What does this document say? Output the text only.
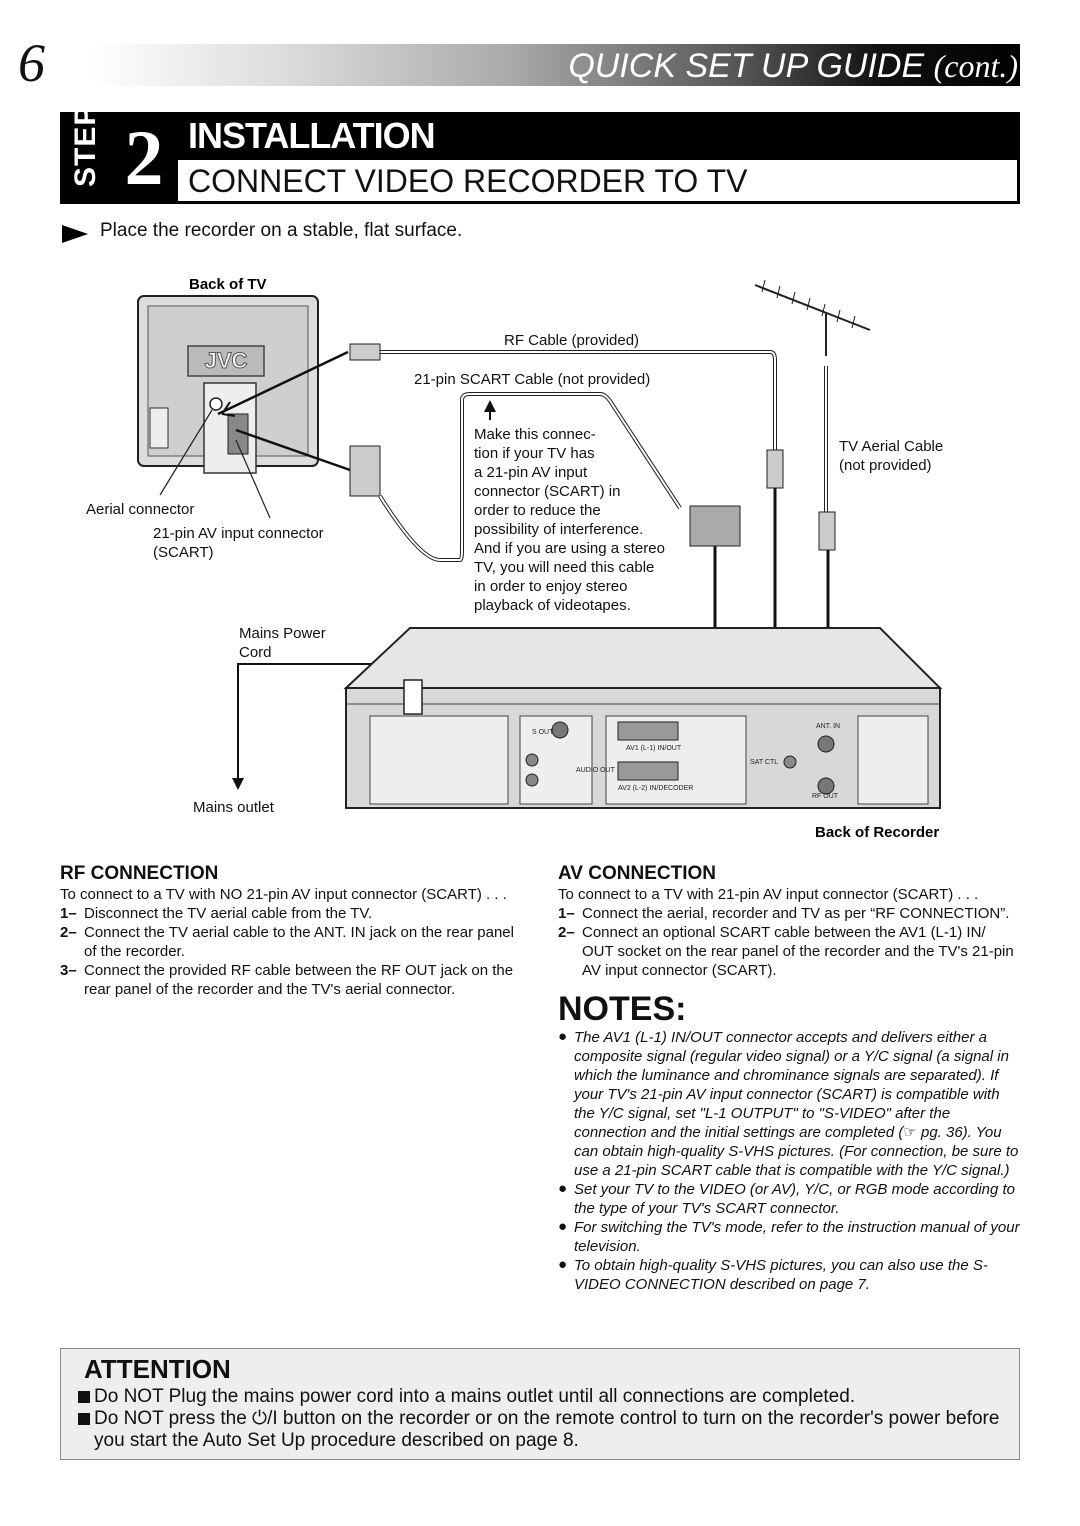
6	QUICK SET UP GUIDE (cont.)
STEP 2 INSTALLATION
CONNECT VIDEO RECORDER TO TV
Place the recorder on a stable, flat surface.
Back of TV
JVC
Back of Recorder
S OUT
AUDIO OUT
AV1 (L-1) IN/OUT
AV2 (L-2) IN/DECODER
SAT CTL
ANT. IN
RF OUT
RF Cable (provided)
21-pin SCART Cable (not provided)
Make this connec-
tion if your TV has
a 21-pin AV input
connector (SCART) in
order to reduce the
possibility of interference.
And if you are using a stereo
TV, you will need this cable
in order to enjoy stereo
playback of videotapes.
TV Aerial Cable
(not provided)
Aerial connector
21-pin AV input connector
(SCART)
Mains Power
Cord
Mains outlet
RF CONNECTION
To connect to a TV with NO 21-pin AV input connector (SCART) . . .
1– Disconnect the TV aerial cable from the TV.
2– Connect the TV aerial cable to the ANT. IN jack on the rear panel of the recorder.
3– Connect the provided RF cable between the RF OUT jack on the rear panel of the recorder and the TV's aerial connector.
AV CONNECTION
To connect to a TV with 21-pin AV input connector (SCART) . . .
1– Connect the aerial, recorder and TV as per “RF CONNECTION”.
2– Connect an optional SCART cable between the AV1 (L-1) IN/ OUT socket on the rear panel of the recorder and the TV's 21-pin AV input connector (SCART).
NOTES:
● The AV1 (L-1) IN/OUT connector accepts and delivers either a composite signal (regular video signal) or a Y/C signal (a signal in which the luminance and chrominance signals are separated). If your TV's 21-pin AV input connector (SCART) is compatible with the Y/C signal, set "L-1 OUTPUT" to "S-VIDEO" after the connection and the initial settings are completed (☞ pg. 36). You can obtain high-quality S-VHS pictures. (For connection, be sure to use a 21-pin SCART cable that is compatible with the Y/C signal.)
● Set your TV to the VIDEO (or AV), Y/C, or RGB mode according to the type of your TV's SCART connector.
● For switching the TV's mode, refer to the instruction manual of your television.
● To obtain high-quality S-VHS pictures, you can also use the S-VIDEO CONNECTION described on page 7.
ATTENTION
Do NOT Plug the mains power cord into a mains outlet until all connections are completed.
Do NOT press the ⏻/I button on the recorder or on the remote control to turn on the recorder's power before you start the Auto Set Up procedure described on page 8.
